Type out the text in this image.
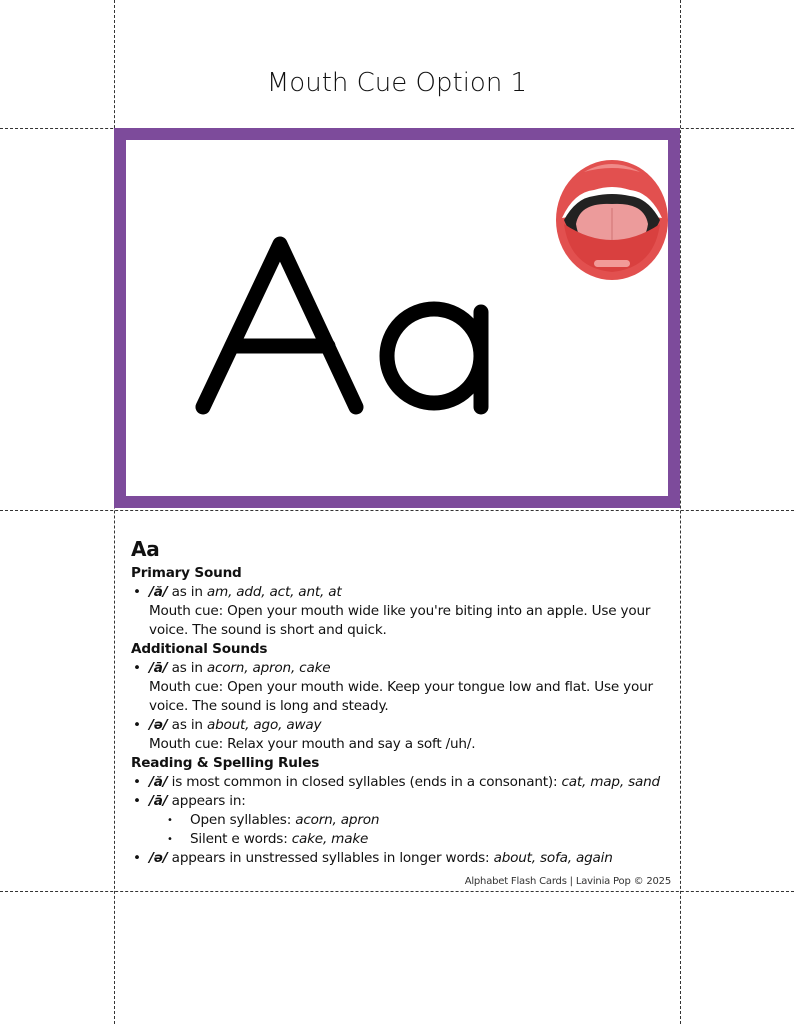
Mouth Cue Option 1
Aa
Primary Sound
• /ă/ as in am, add, act, ant, at
Mouth cue: Open your mouth wide like you're biting into an apple. Use your voice. The sound is short and quick.
Additional Sounds
• /ā/ as in acorn, apron, cake
Mouth cue: Open your mouth wide. Keep your tongue low and flat. Use your voice. The sound is long and steady.
• /ə/ as in about, ago, away
Mouth cue: Relax your mouth and say a soft /uh/.
Reading & Spelling Rules
• /ă/ is most common in closed syllables (ends in a consonant): cat, map, sand
• /ā/ appears in:
• Open syllables: acorn, apron
• Silent e words: cake, make
• /ə/ appears in unstressed syllables in longer words: about, sofa, again
Alphabet Flash Cards | Lavinia Pop © 2025
